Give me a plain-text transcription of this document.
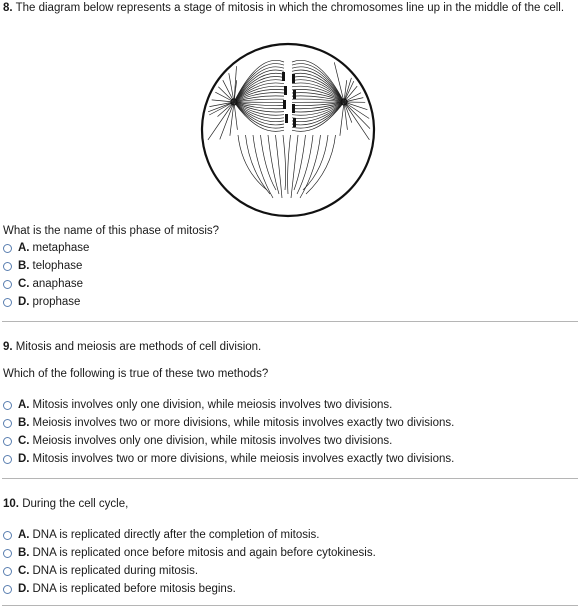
8. The diagram below represents a stage of mitosis in which the chromosomes line up in the middle of the cell.
What is the name of this phase of mitosis?
A. metaphase
B. telophase
C. anaphase
D. prophase
9. Mitosis and meiosis are methods of cell division.
Which of the following is true of these two methods?
A. Mitosis involves only one division, while meiosis involves two divisions.
B. Meiosis involves two or more divisions, while mitosis involves exactly two divisions.
C. Meiosis involves only one division, while mitosis involves two divisions.
D. Mitosis involves two or more divisions, while meiosis involves exactly two divisions.
10. During the cell cycle,
A. DNA is replicated directly after the completion of mitosis.
B. DNA is replicated once before mitosis and again before cytokinesis.
C. DNA is replicated during mitosis.
D. DNA is replicated before mitosis begins.
